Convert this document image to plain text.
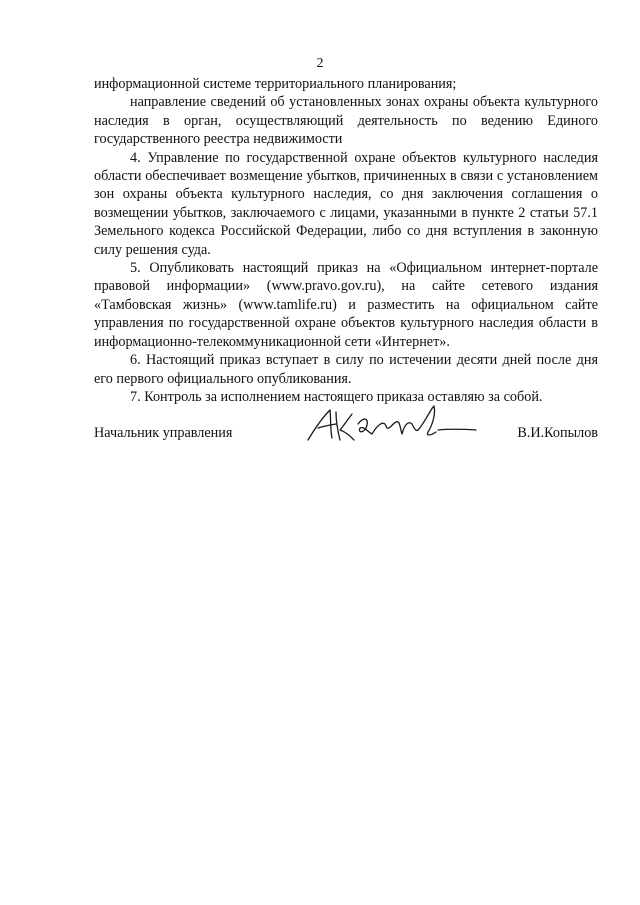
2

информационной системе территориального планирования;

направление сведений об установленных зонах охраны объекта культурного наследия в орган, осуществляющий деятельность по ведению Единого государственного реестра недвижимости

4. Управление по государственной охране объектов культурного наследия области обеспечивает возмещение убытков, причиненных в связи с установлением зон охраны объекта культурного наследия, со дня заключения соглашения о возмещении убытков, заключаемого с лицами, указанными в пункте 2 статьи 57.1 Земельного кодекса Российской Федерации, либо со дня вступления в законную силу решения суда.

5. Опубликовать настоящий приказ на «Официальном интернет-портале правовой информации» (www.pravo.gov.ru), на сайте сетевого издания «Тамбовская жизнь» (www.tamlife.ru) и разместить на официальном сайте управления по государственной охране объектов культурного наследия области в информационно-телекоммуникационной сети «Интернет».

6. Настоящий приказ вступает в силу по истечении десяти дней после дня его первого официального опубликования.

7. Контроль за исполнением настоящего приказа оставляю за собой.

Начальник управления	В.И.Копылов
